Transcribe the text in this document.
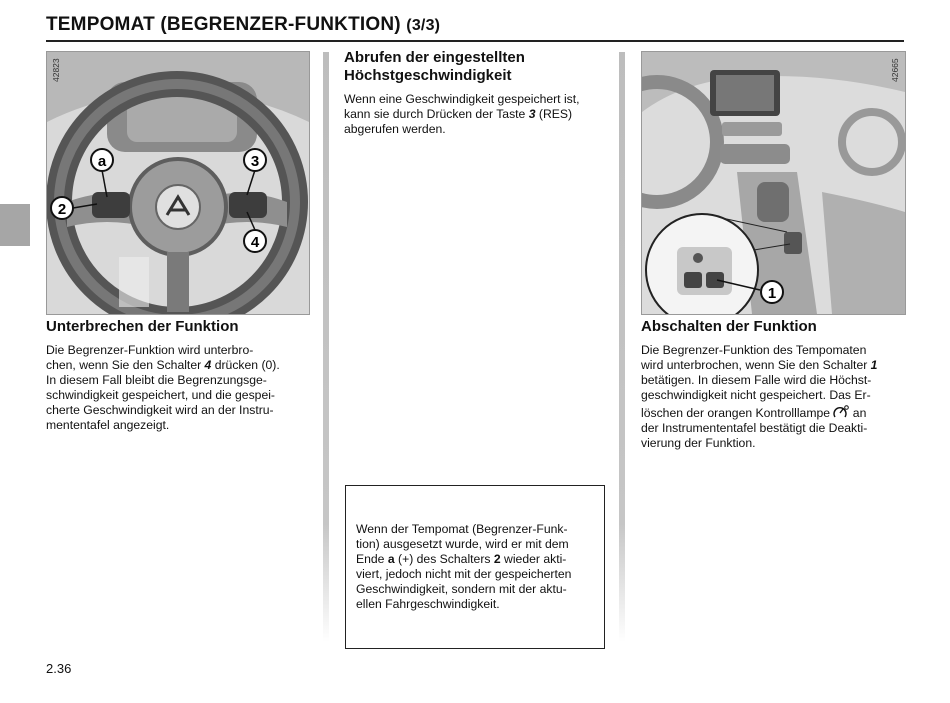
TEMPOMAT (BEGRENZER-FUNKTION) (3/3)
42823
a
2
3
4
Unterbrechen der Funktion
Die Begrenzer-Funktion wird unterbro-
chen, wenn Sie den Schalter 4 drücken (0).
In diesem Fall bleibt die Begrenzungsge-
schwindigkeit gespeichert, und die gespei-
cherte Geschwindigkeit wird an der Instru-
mententafel angezeigt.
Abrufen der eingestellten
Höchstgeschwindigkeit
Wenn eine Geschwindigkeit gespeichert ist,
kann sie durch Drücken der Taste 3 (RES)
abgerufen werden.
Wenn der Tempomat (Begrenzer-Funk-
tion) ausgesetzt wurde, wird er mit dem
Ende a (+) des Schalters 2 wieder akti-
viert, jedoch nicht mit der gespeicherten
Geschwindigkeit, sondern mit der aktu-
ellen Fahrgeschwindigkeit.
42665
1
Abschalten der Funktion
Die Begrenzer-Funktion des Tempomaten
wird unterbrochen, wenn Sie den Schalter 1
betätigen. In diesem Falle wird die Höchst-
geschwindigkeit nicht gespeichert. Das Er-
löschen der orangen Kontrolllampe  an
der Instrumententafel bestätigt die Deakti-
vierung der Funktion.
2.36
